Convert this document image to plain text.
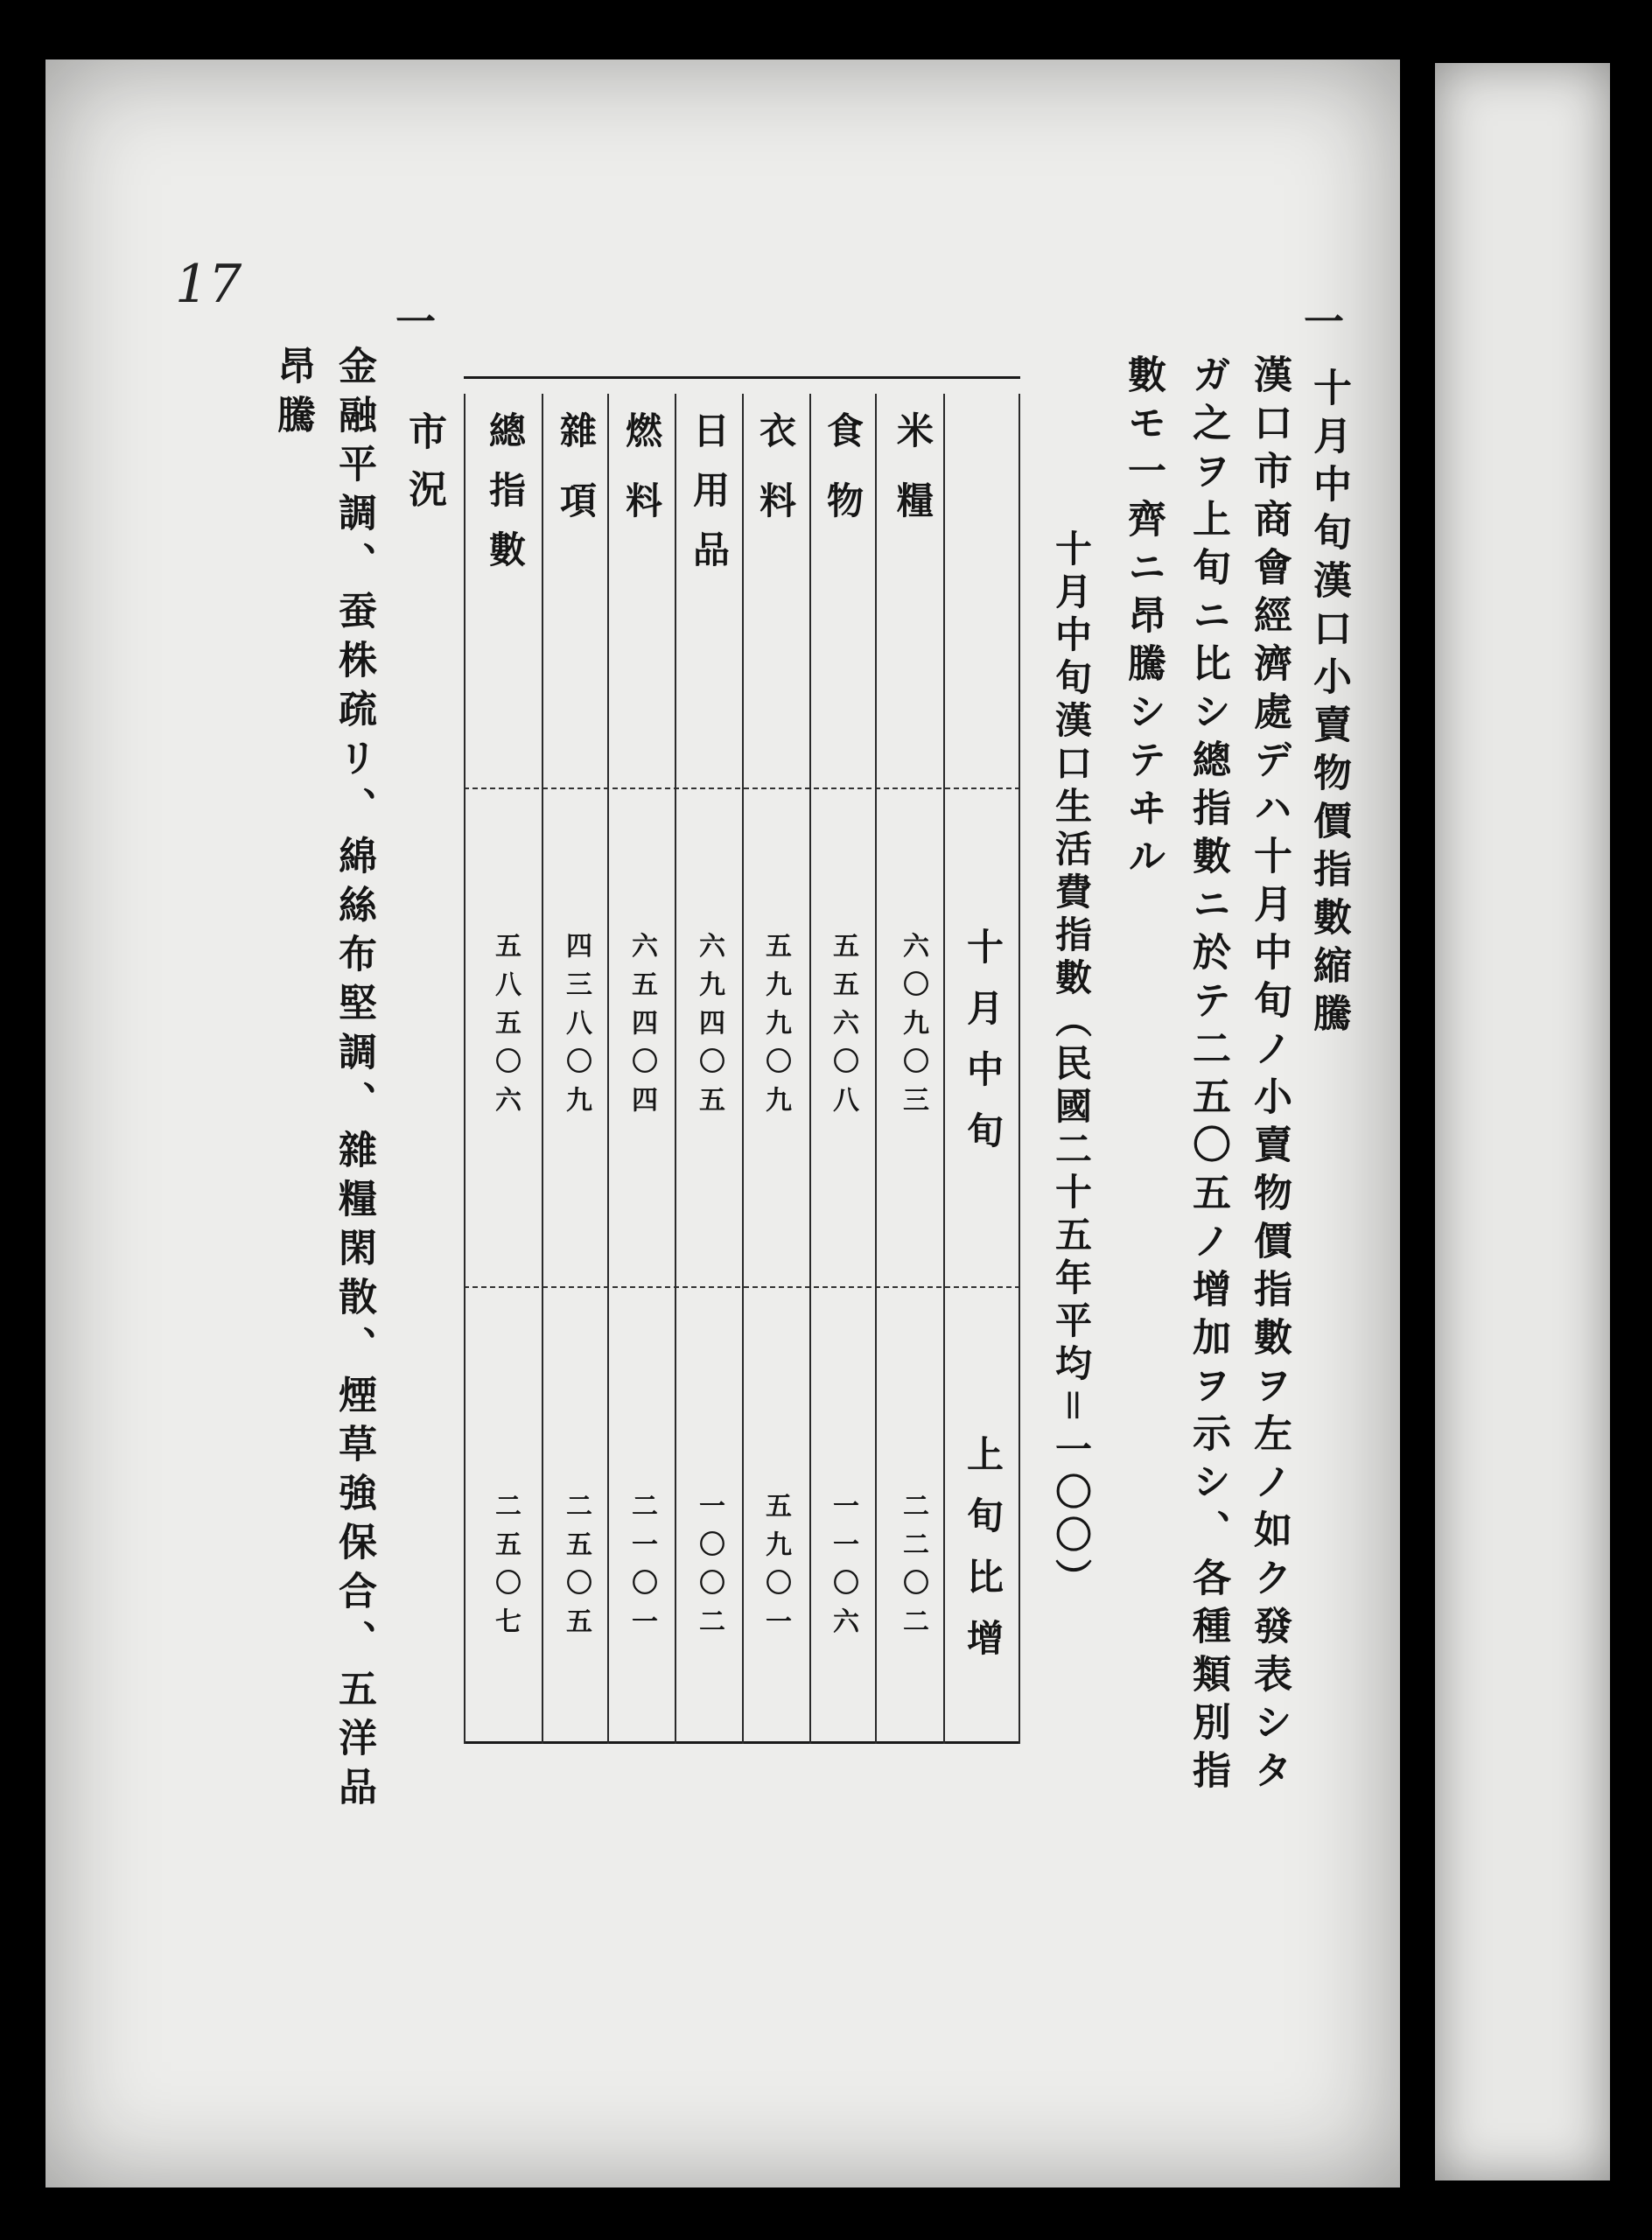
17
一
十月中旬漢口小賣物價指數縮騰
漢口市商會經濟處デハ十月中旬ノ小賣物價指數ヲ左ノ如ク發表シタ
ガ之ヲ上旬ニ比シ總指數ニ於テ二五〇五ノ增加ヲ示シ、各種類別指
數モ一齊ニ昂騰シテヰル
十月中旬漢口生活費指數（民國二十五年平均＝一〇〇）
十月中旬
上旬比增
米糧
六〇九〇三
二二〇二
食物
五五六〇八
一一〇六
衣料
五九九〇九
五九〇一
日用品
六九四〇五
一〇〇二
燃料
六五四〇四
二一〇一
雜項
四三八〇九
二五〇五
總指數
五八五〇六
二五〇七
一
市況
金融平調、蚕株疏リ、綿絲布堅調、雜糧閑散、煙草強保合、五洋品
昂騰
